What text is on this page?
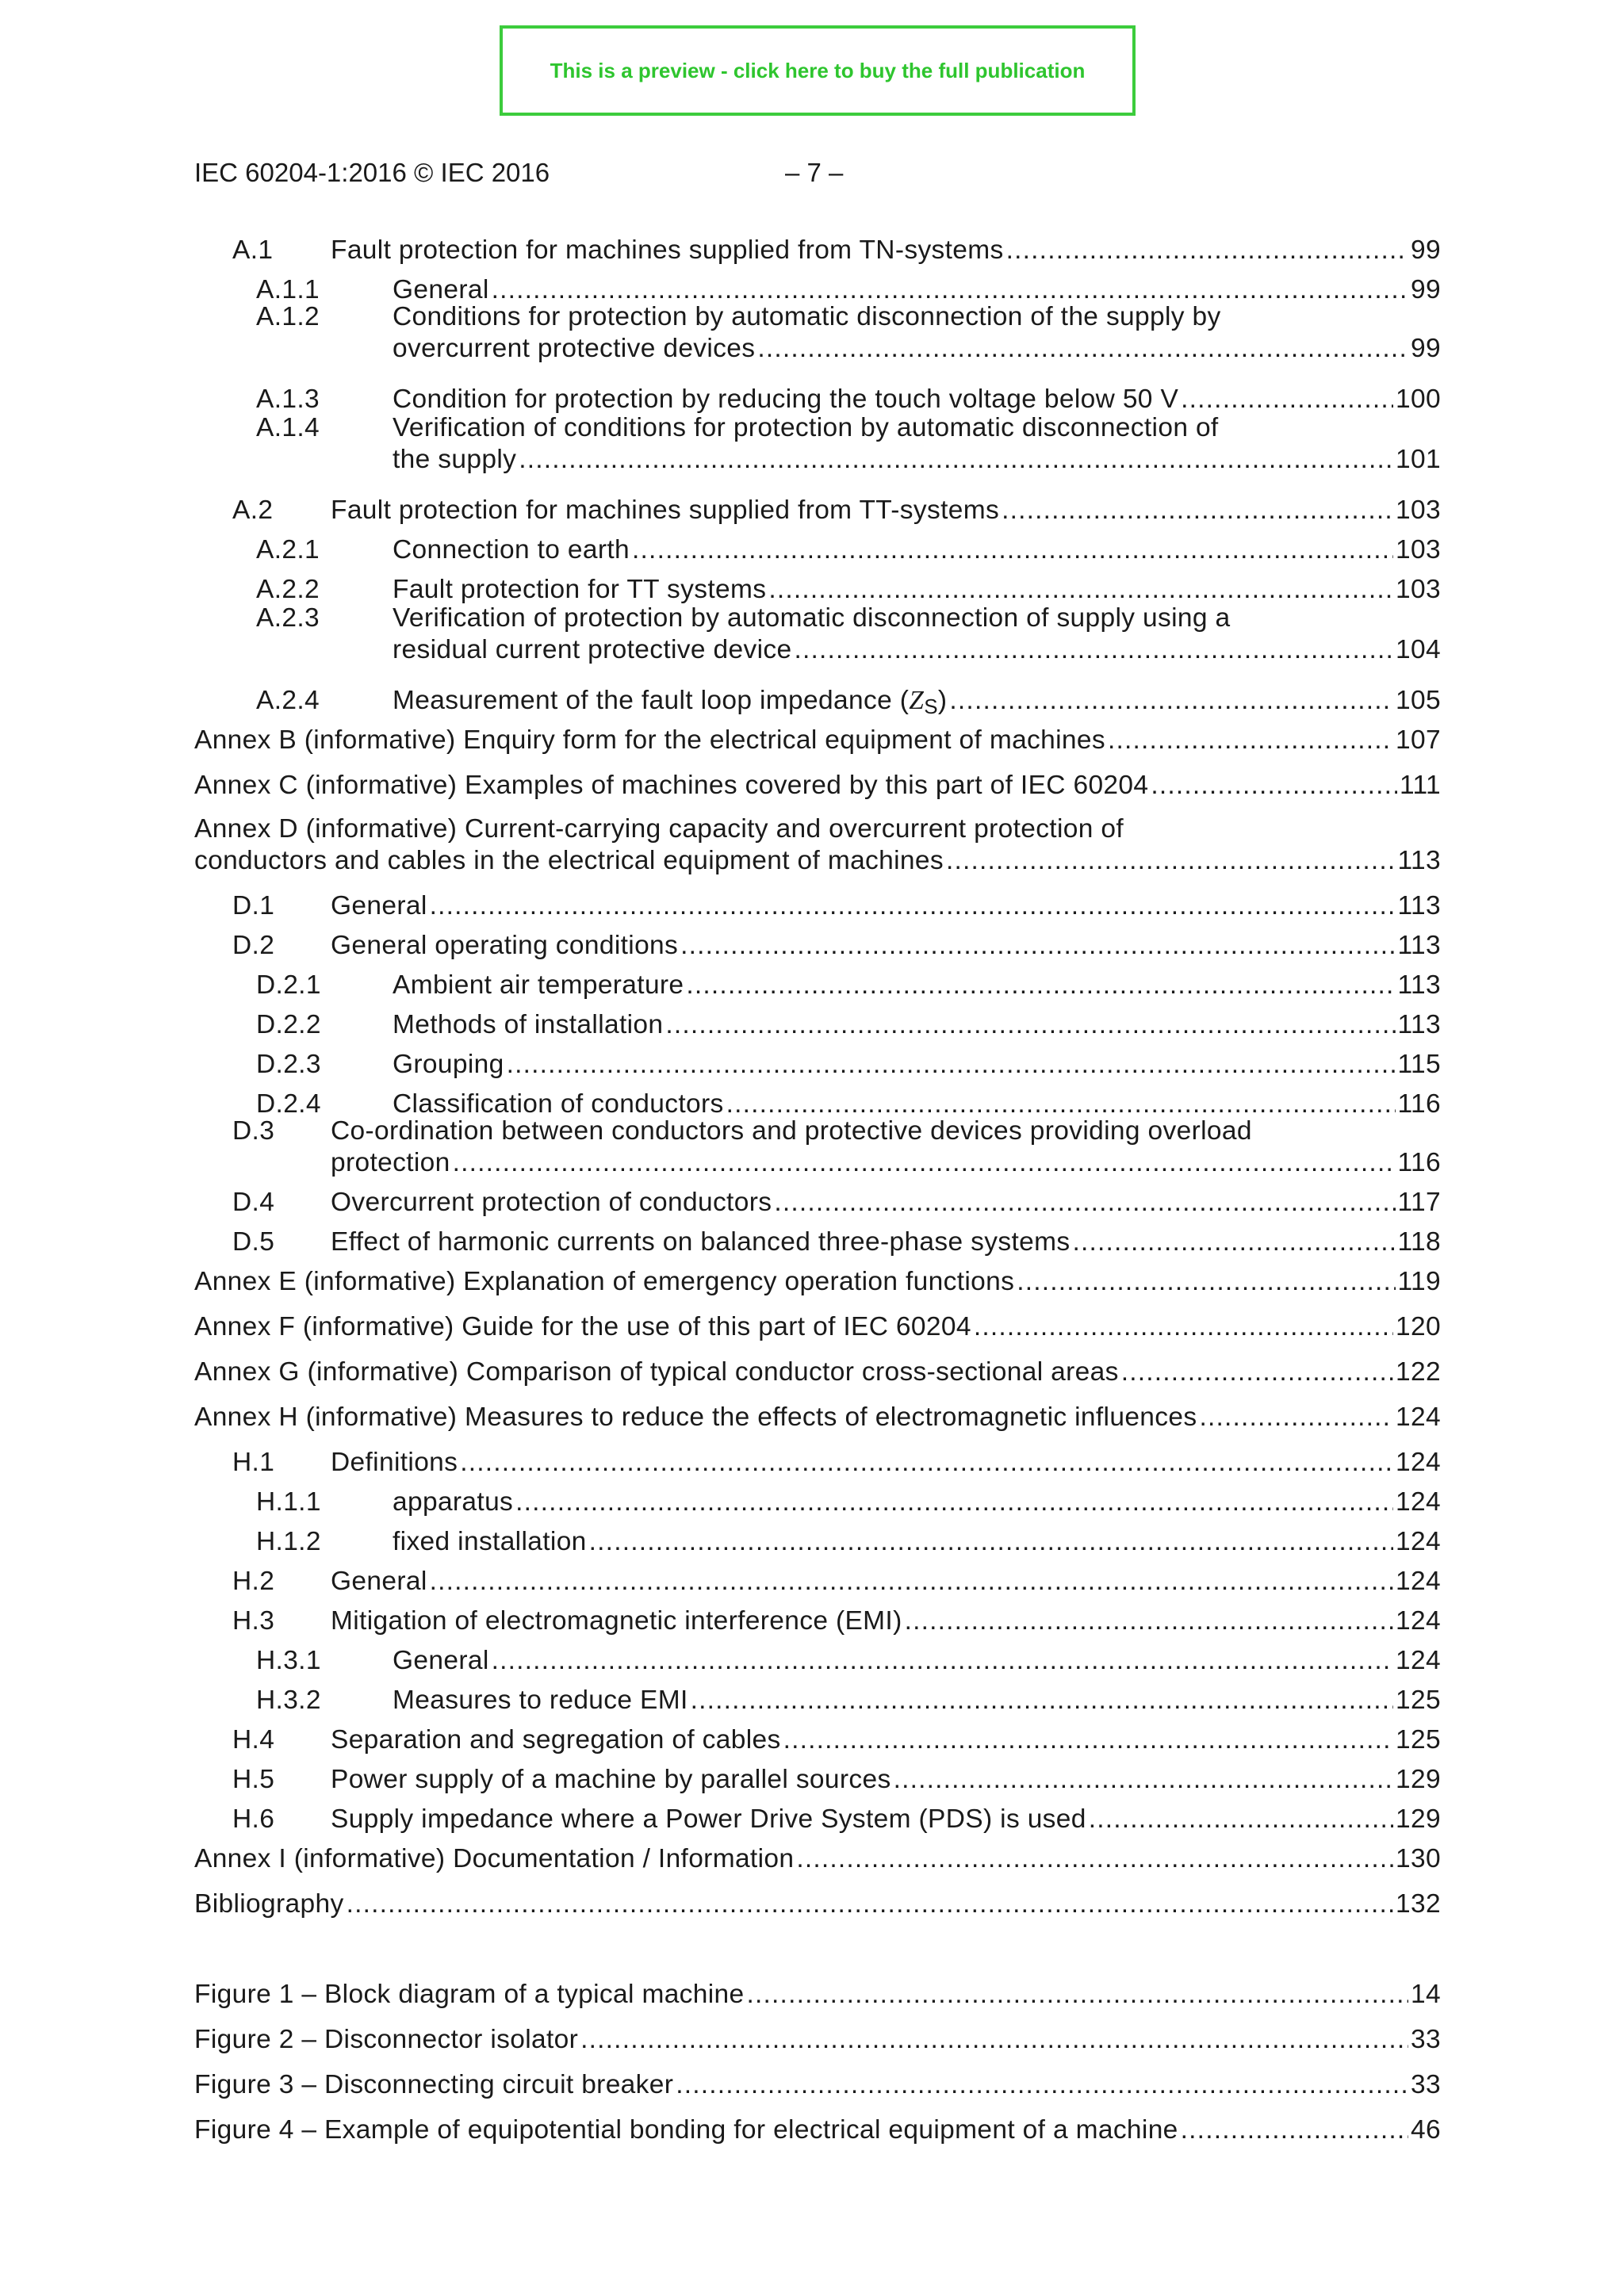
This is a preview - click here to buy the full publication
IEC 60204-1:2016 © IEC 2016	– 7 –
A.1 Fault protection for machines supplied from TN-systems .....	99
A.1.1	General .....	99
A.1.2	Conditions for protection by automatic disconnection of the supply by
overcurrent protective devices .....	99
A.1.3	Condition for protection by reducing the touch voltage below 50 V .....	100
A.1.4	Verification of conditions for protection by automatic disconnection of
the supply .....	101
A.2 Fault protection for machines supplied from TT-systems .....	103
A.2.1	Connection to earth .....	103
A.2.2	Fault protection for TT systems .....	103
A.2.3	Verification of protection by automatic disconnection of supply using a
residual current protective device .....	104
A.2.4	Measurement of the fault loop impedance $(Z_S)$ .....	105
Annex B (informative) Enquiry form for the electrical equipment of machines .....	107
Annex C (informative) Examples of machines covered by this part of IEC 60204 .....	111
Annex D (informative) Current-carrying capacity and overcurrent protection of
conductors and cables in the electrical equipment of machines .....	113
D.1 General .....	113
D.2 General operating conditions .....	113
D.2.1	Ambient air temperature .....	113
D.2.2	Methods of installation .....	113
D.2.3	Grouping .....	115
D.2.4	Classification of conductors .....	116
D.3 Co-ordination between conductors and protective devices providing overload
protection .....	116
D.4 Overcurrent protection of conductors .....	117
D.5 Effect of harmonic currents on balanced three-phase systems .....	118
Annex E (informative) Explanation of emergency operation functions .....	119
Annex F (informative) Guide for the use of this part of IEC 60204 .....	120
Annex G (informative) Comparison of typical conductor cross-sectional areas .....	122
Annex H (informative) Measures to reduce the effects of electromagnetic influences .....	124
H.1 Definitions .....	124
H.1.1	apparatus .....	124
H.1.2	fixed installation .....	124
H.2 General .....	124
H.3 Mitigation of electromagnetic interference (EMI) .....	124
H.3.1	General .....	124
H.3.2	Measures to reduce EMI .....	125
H.4 Separation and segregation of cables .....	125
H.5 Power supply of a machine by parallel sources .....	129
H.6 Supply impedance where a Power Drive System (PDS) is used .....	129
Annex I (informative) Documentation / Information .....	130
Bibliography .....	132
Figure 1 – Block diagram of a typical machine .....	14
Figure 2 – Disconnector isolator .....	33
Figure 3 – Disconnecting circuit breaker .....	33
Figure 4 – Example of equipotential bonding for electrical equipment of a machine .....	46
